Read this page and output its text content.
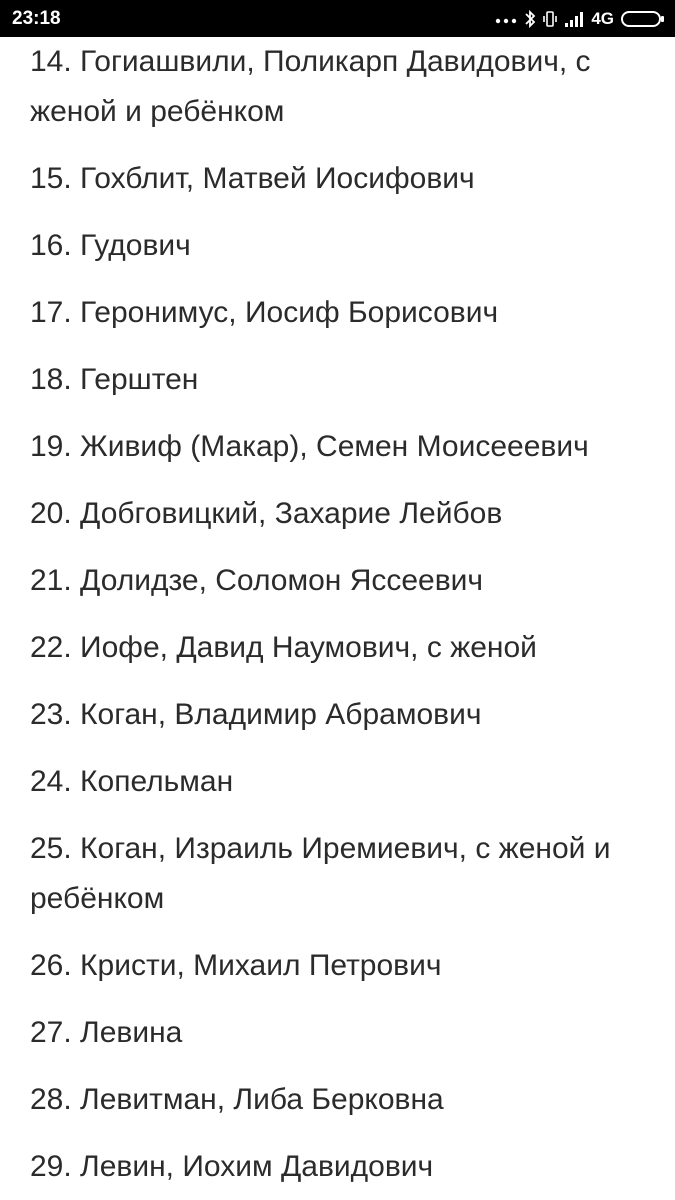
23:18	4G
14. Гогиашвили, Поликарп Давидович, с женой и ребёнком
15. Гохблит, Матвей Иосифович
16. Гудович
17. Геронимус, Иосиф Борисович
18. Герштен
19. Живиф (Макар), Семен Моисееевич
20. Добговицкий, Захарие Лейбов
21. Долидзе, Соломон Яссеевич
22. Иофе, Давид Наумович, с женой
23. Коган, Владимир Абрамович
24. Копельман
25. Коган, Израиль Иремиевич, с женой и ребёнком
26. Кристи, Михаил Петрович
27. Левина
28. Левитман, Либа Берковна
29. Левин, Иохим Давидович
